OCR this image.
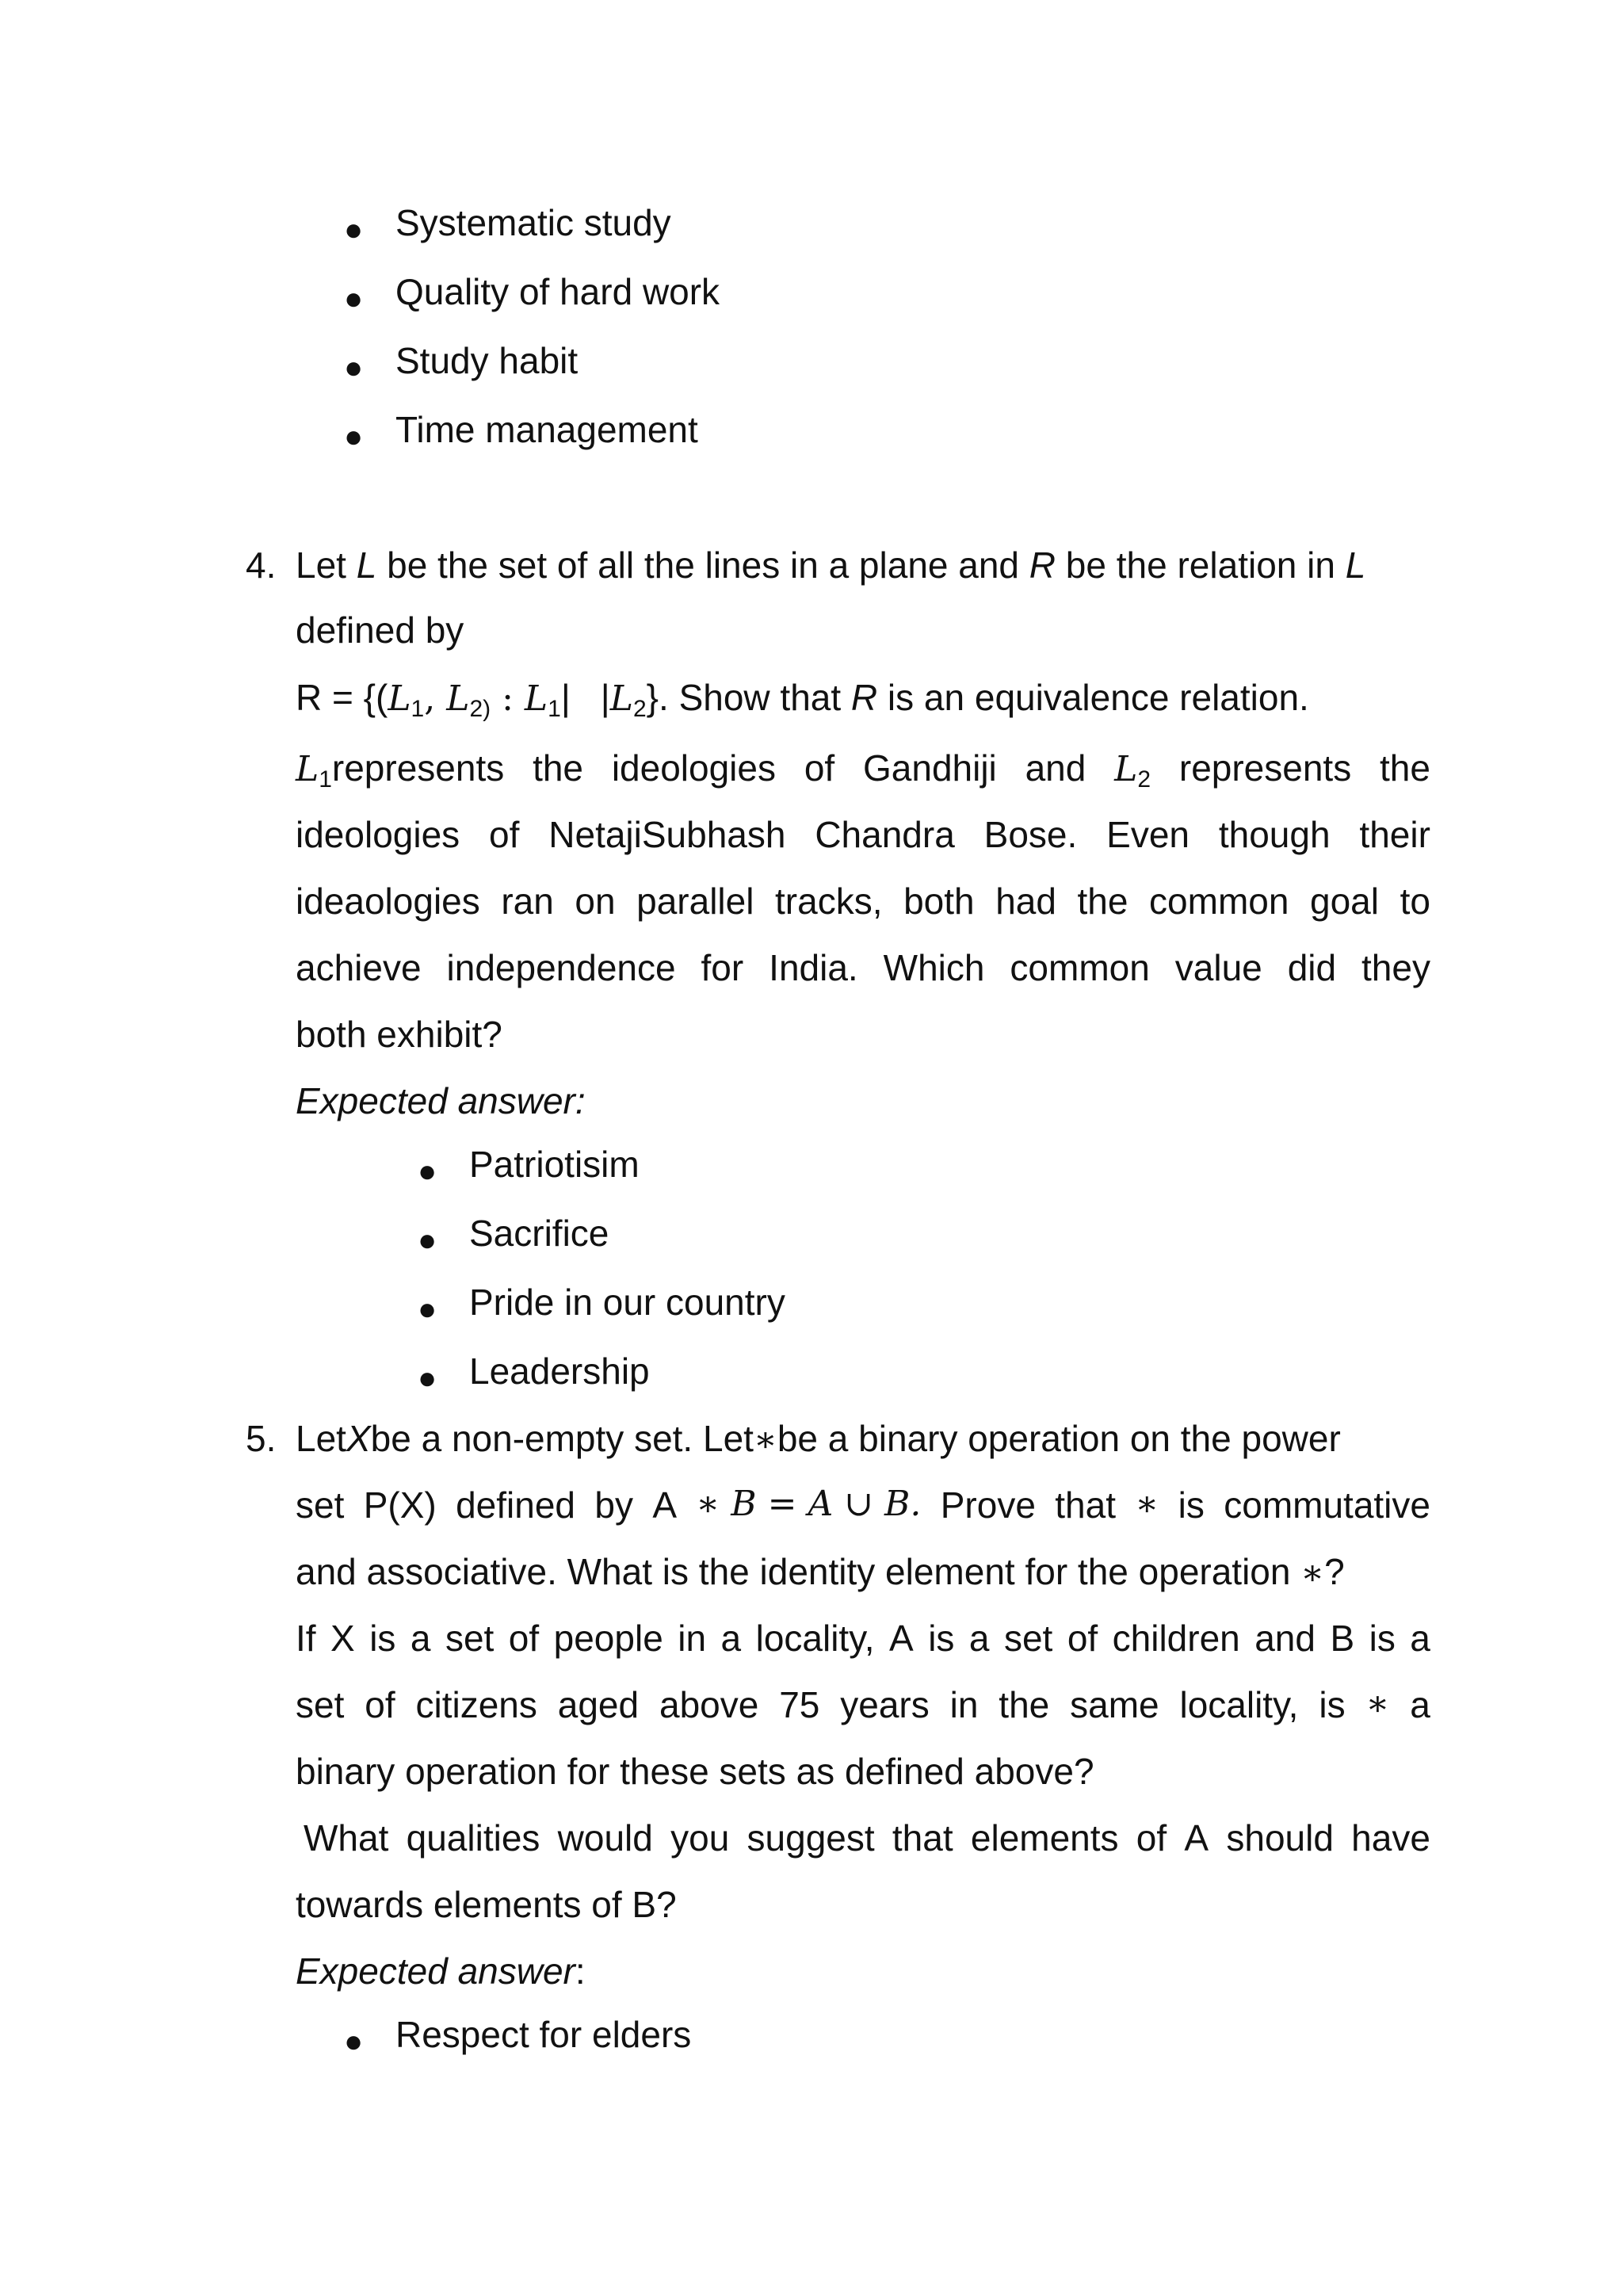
● Systematic study
● Quality of hard work
● Study habit
● Time management
4. Let L be the set of all the lines in a plane and R be the relation in L
defined by
$R = \{(L_1$, $L_{2)}$ : $L_1|$ $|L_2$}. Show that R is an equivalence relation.
$L_1represents$ the ideologies of Gandhiji and $L_2$ represents the
ideologies of NetajiSubhash Chandra Bose. Even though their
ideaologies ran on parallel tracks, both had the common goal to
achieve independence for India. Which common value did they
both exhibit?
Expected answer:
● Patriotisim
● Sacrifice
● Pride in our country
● Leadership
5. LetXbe a non-empty set. Let∗be a binary operation on the power
set P(X) defined by A ∗ B = A ∪ B. Prove that ∗ is commutative
and associative. What is the identity element for the operation ∗?
If X is a set of people in a locality, A is a set of children and B is a
set of citizens aged above 75 years in the same locality, is ∗ a
binary operation for these sets as defined above?
What qualities would you suggest that elements of A should have
towards elements of B?
Expected answer:
● Respect for elders
